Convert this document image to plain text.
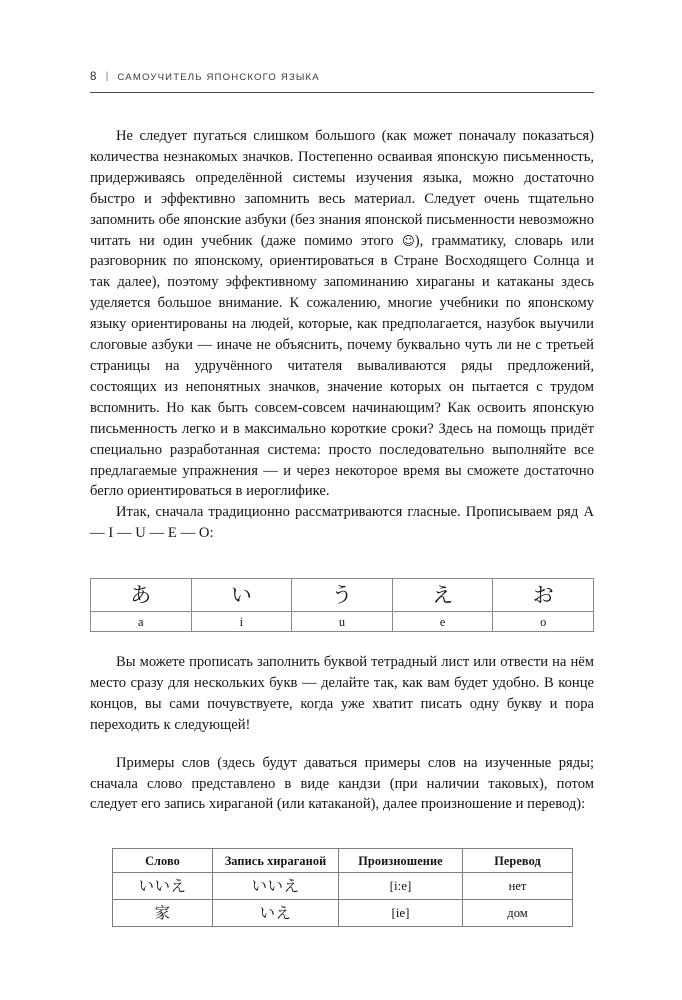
8 | САМОУЧИТЕЛЬ ЯПОНСКОГО ЯЗЫКА

Не следует пугаться слишком большого (как может поначалу показаться) количества незнакомых значков. Постепенно осваивая японскую письменность, придерживаясь определённой системы изучения языка, можно достаточно быстро и эффективно запомнить весь материал. Следует очень тщательно запомнить обе японские азбуки (без знания японской письменности невозможно читать ни один учебник (даже помимо этого ☺), грамматику, словарь или разговорник по японскому, ориентироваться в Стране Восходящего Солнца и так далее), поэтому эффективному запоминанию хираганы и катаканы здесь уделяется большое внимание. К сожалению, многие учебники по японскому языку ориентированы на людей, которые, как предполагается, назубок выучили слоговые азбуки — иначе не объяснить, почему буквально чуть ли не с третьей страницы на удручённого читателя вываливаются ряды предложений, состоящих из непонятных значков, значение которых он пытается с трудом вспомнить. Но как быть совсем-совсем начинающим? Как освоить японскую письменность легко и в максимально короткие сроки? Здесь на помощь придёт специально разработанная система: просто последовательно выполняйте все предлагаемые упражнения — и через некоторое время вы сможете достаточно бегло ориентироваться в иероглифике.

Итак, сначала традиционно рассматриваются гласные. Прописываем ряд A — I — U — E — O:

あ	い	う	え	お
a	i	u	e	o

Вы можете прописать заполнить буквой тетрадный лист или отвести на нём место сразу для нескольких букв — делайте так, как вам будет удобно. В конце концов, вы сами почувствуете, когда уже хватит писать одну букву и пора переходить к следующей!

Примеры слов (здесь будут даваться примеры слов на изученные ряды; сначала слово представлено в виде кандзи (при наличии таковых), потом следует его запись хираганой (или катаканой), далее произношение и перевод):

Слово	Запись хираганой	Произношение	Перевод
いいえ	いいえ	[i:e]	нет
家	いえ	[ie]	дом
